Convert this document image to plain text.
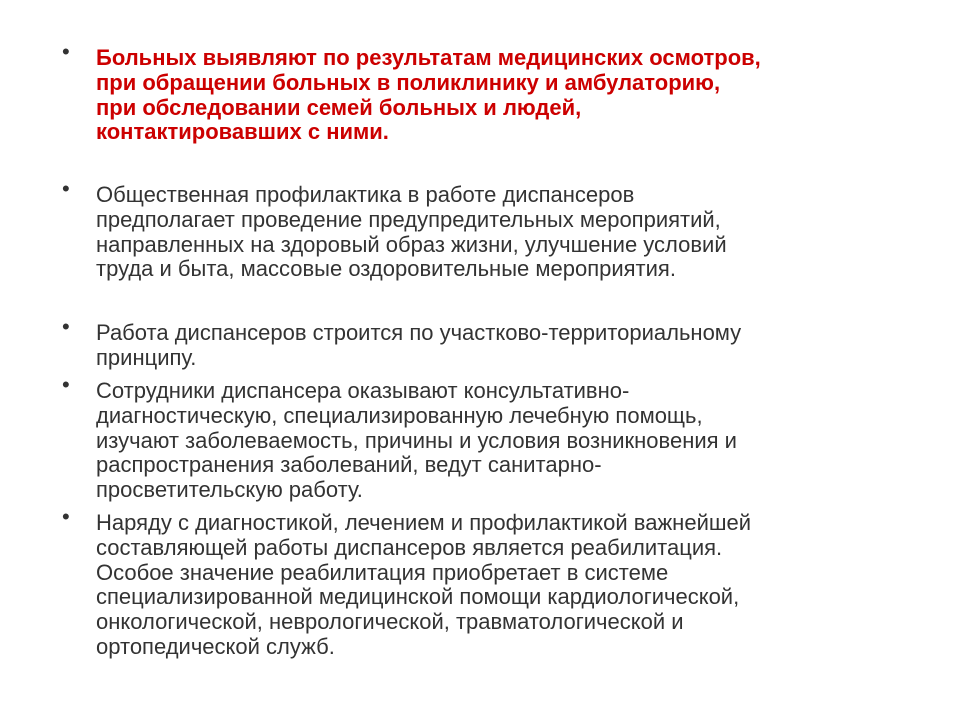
• Больных выявляют по результатам медицинских осмотров,
при обращении больных в поликлинику и амбулаторию,
при обследовании семей больных и людей,
контактировавших с ними.
• Общественная профилактика в работе диспансеров
предполагает проведение предупредительных мероприятий,
направленных на здоровый образ жизни, улучшение условий
труда и быта, массовые оздоровительные мероприятия.
• Работа диспансеров строится по участково-территориальному
принципу.
• Сотрудники диспансера оказывают консультативно-
диагностическую, специализированную лечебную помощь,
изучают заболеваемость, причины и условия возникновения и
распространения заболеваний, ведут санитарно-
просветительскую работу.
• Наряду с диагностикой, лечением и профилактикой важнейшей
составляющей работы диспансеров является реабилитация.
Особое значение реабилитация приобретает в системе
специализированной медицинской помощи кардиологической,
онкологической, неврологической, травматологической и
ортопедической служб.
